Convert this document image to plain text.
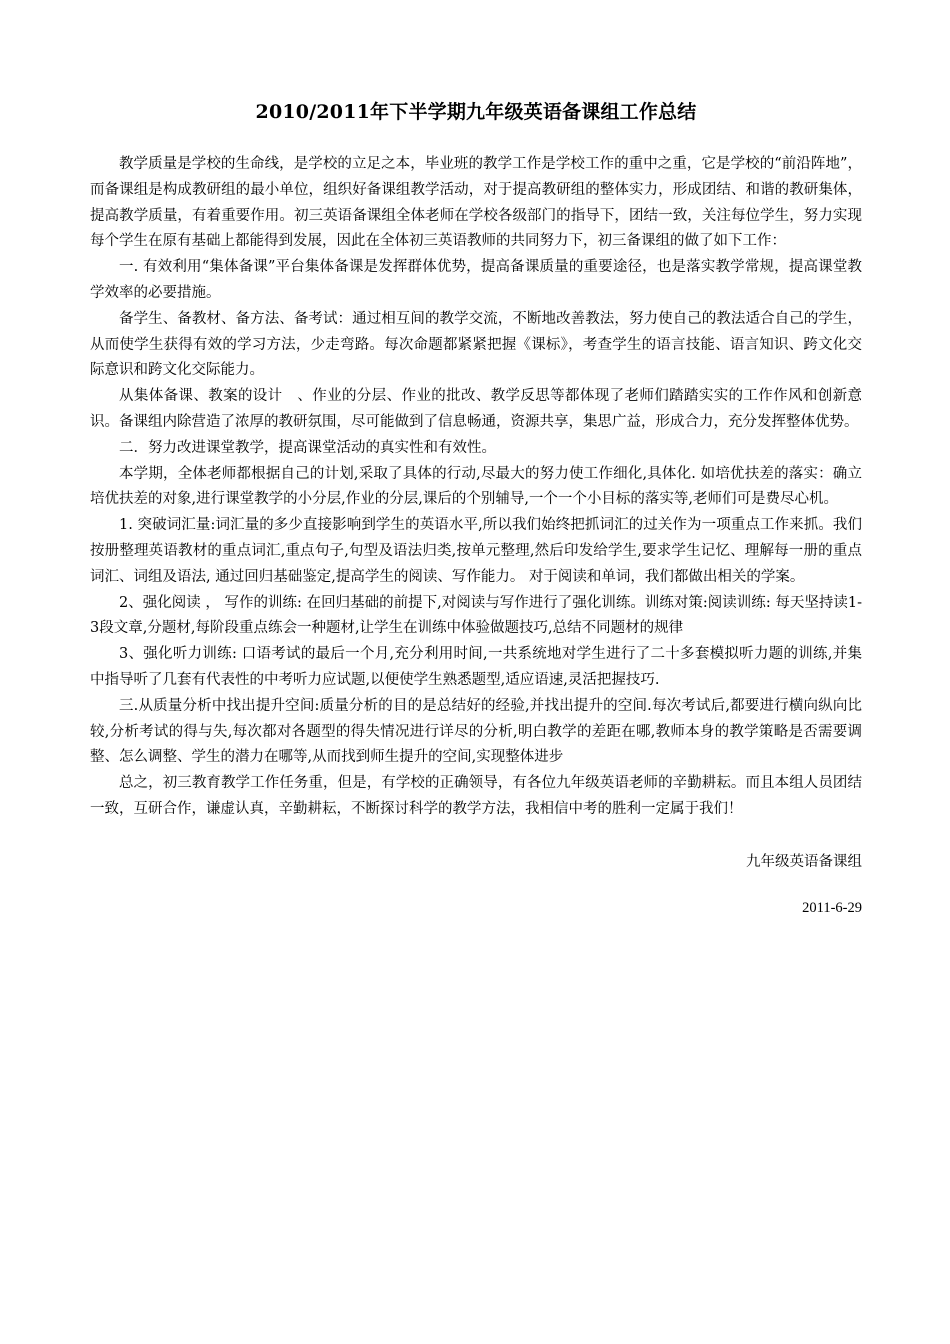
2010/2011年下半学期九年级英语备课组工作总结

教学质量是学校的生命线，是学校的立足之本，毕业班的教学工作是学校工作的重中之重，它是学校的“前沿阵地”，而备课组是构成教研组的最小单位，组织好备课组教学活动，对于提高教研组的整体实力，形成团结、和谐的教研集体，提高教学质量，有着重要作用。初三英语备课组全体老师在学校各级部门的指导下，团结一致，关注每位学生，努力实现每个学生在原有基础上都能得到发展，因此在全体初三英语教师的共同努力下，初三备课组的做了如下工作：

一. 有效利用“集体备课”平台集体备课是发挥群体优势，提高备课质量的重要途径，也是落实教学常规，提高课堂教学效率的必要措施。

备学生、备教材、备方法、备考试：通过相互间的教学交流，不断地改善教法，努力使自己的教法适合自己的学生，从而使学生获得有效的学习方法，少走弯路。每次命题都紧紧把握《课标》，考查学生的语言技能、语言知识、跨文化交际意识和跨文化交际能力。

从集体备课、教案的设计　、作业的分层、作业的批改、教学反思等都体现了老师们踏踏实实的工作作风和创新意识。备课组内除营造了浓厚的教研氛围，尽可能做到了信息畅通，资源共享，集思广益，形成合力，充分发挥整体优势。

二．努力改进课堂教学，提高课堂活动的真实性和有效性。

本学期，全体老师都根据自己的计划,采取了具体的行动,尽最大的努力使工作细化,具体化. 如培优扶差的落实：确立培优扶差的对象,进行课堂教学的小分层,作业的分层,课后的个别辅导,一个一个小目标的落实等,老师们可是费尽心机。

1. 突破词汇量:词汇量的多少直接影响到学生的英语水平,所以我们始终把抓词汇的过关作为一项重点工作来抓。我们按册整理英语教材的重点词汇,重点句子,句型及语法归类,按单元整理,然后印发给学生,要求学生记忆、理解每一册的重点词汇、词组及语法, 通过回归基础鉴定,提高学生的阅读、写作能力。 对于阅读和单词，我们都做出相关的学案。

2、强化阅读 ， 写作的训练: 在回归基础的前提下,对阅读与写作进行了强化训练。训练对策:阅读训练: 每天坚持读1-3段文章,分题材,每阶段重点练会一种题材,让学生在训练中体验做题技巧,总结不同题材的规律

3、强化听力训练: 口语考试的最后一个月,充分利用时间,一共系统地对学生进行了二十多套模拟听力题的训练,并集中指导听了几套有代表性的中考听力应试题,以便使学生熟悉题型,适应语速,灵活把握技巧.

三.从质量分析中找出提升空间:质量分析的目的是总结好的经验,并找出提升的空间.每次考试后,都要进行横向纵向比较,分析考试的得与失,每次都对各题型的得失情况进行详尽的分析,明白教学的差距在哪,教师本身的教学策略是否需要调整、怎么调整、学生的潜力在哪等,从而找到师生提升的空间,实现整体进步

总之，初三教育教学工作任务重，但是，有学校的正确领导，有各位九年级英语老师的辛勤耕耘。而且本组人员团结一致，互研合作，谦虚认真，辛勤耕耘，不断探讨科学的教学方法，我相信中考的胜利一定属于我们！

九年级英语备课组

2011-6-29
